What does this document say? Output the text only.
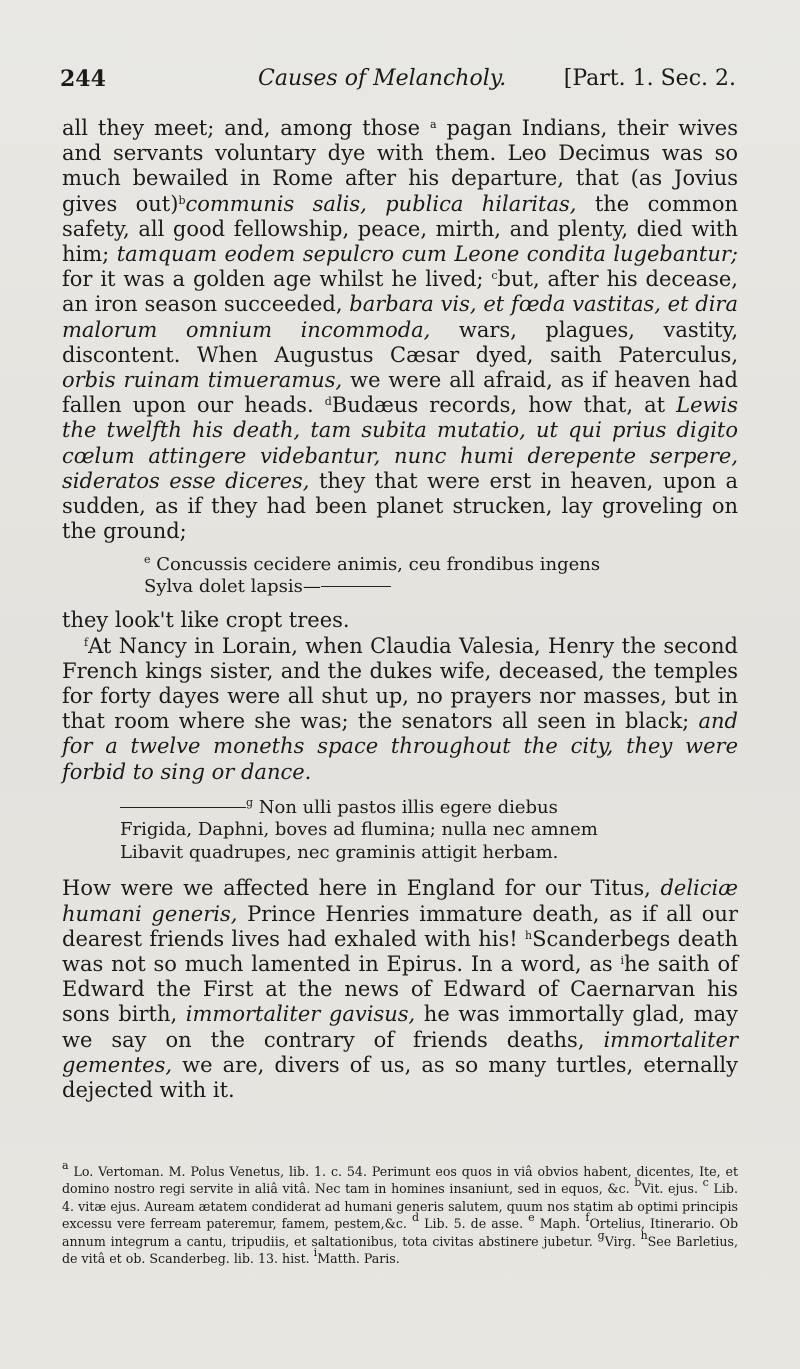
244	Causes of Melancholy.	[Part. 1. Sec. 2.

all they meet; and, among those $^a$ pagan Indians, their wives and servants voluntary dye with them. Leo Decimus was so much bewailed in Rome after his departure, that (as Jovius gives out)$^b$communis salis, publica hilaritas, the common safety, all good fellowship, peace, mirth, and plenty, died with him; tamquam eodem sepulcro cum Leone condita lugebantur; for it was a golden age whilst he lived; $^c$but, after his decease, an iron season succeeded, barbara vis, et fœda vastitas, et dira malorum omnium incommoda, wars, plagues, vastity, discontent. When Augustus Cæsar dyed, saith Paterculus, orbis ruinam timueramus, we were all afraid, as if heaven had fallen upon our heads. $^d$Budæus records, how that, at Lewis the twelfth his death, tam subita mutatio, ut qui prius digito cœlum attingere videbantur, nunc humi derepente serpere, sideratos esse diceres, they that were erst in heaven, upon a sudden, as if they had been planet strucken, lay groveling on the ground;

$^e$ Concussis cecidere animis, ceu frondibus ingens
Sylva dolet lapsis—

they look't like cropt trees.

$^f$At Nancy in Lorain, when Claudia Valesia, Henry the second French kings sister, and the dukes wife, deceased, the temples for forty dayes were all shut up, no prayers nor masses, but in that room where she was; the senators all seen in black; and for a twelve moneths space throughout the city, they were forbid to sing or dance.

$^g$ Non ulli pastos illis egere diebus
Frigida, Daphni, boves ad flumina; nulla nec amnem
Libavit quadrupes, nec graminis attigit herbam.

How were we affected here in England for our Titus, deliciæ humani generis, Prince Henries immature death, as if all our dearest friends lives had exhaled with his! $^h$Scanderbegs death was not so much lamented in Epirus. In a word, as $^i$he saith of Edward the First at the news of Edward of Caernarvan his sons birth, immortaliter gavisus, he was immortally glad, may we say on the contrary of friends deaths, immortaliter gementes, we are, divers of us, as so many turtles, eternally dejected with it.

$^a$ Lo. Vertoman. M. Polus Venetus, lib. 1. c. 54. Perimunt eos quos in viâ obvios habent, dicentes, Ite, et domino nostro regi servite in aliâ vitâ. Nec tam in homines insaniunt, sed in equos, &c. $^b$Vit. ejus. $^c$ Lib. 4. vitæ ejus. Auream ætatem condiderat ad humani generis salutem, quum nos statim ab optimi principis excessu vere ferream pateremur, famem, pestem,&c. $^d$ Lib. 5. de asse. $^e$ Maph. $^f$Ortelius, Itinerario. Ob annum integrum a cantu, tripudiis, et saltationibus, tota civitas abstinere jubetur. $^g$Virg. $^h$See Barletius, de vitâ et ob. Scanderbeg. lib. 13. hist. $^i$Matth. Paris.
